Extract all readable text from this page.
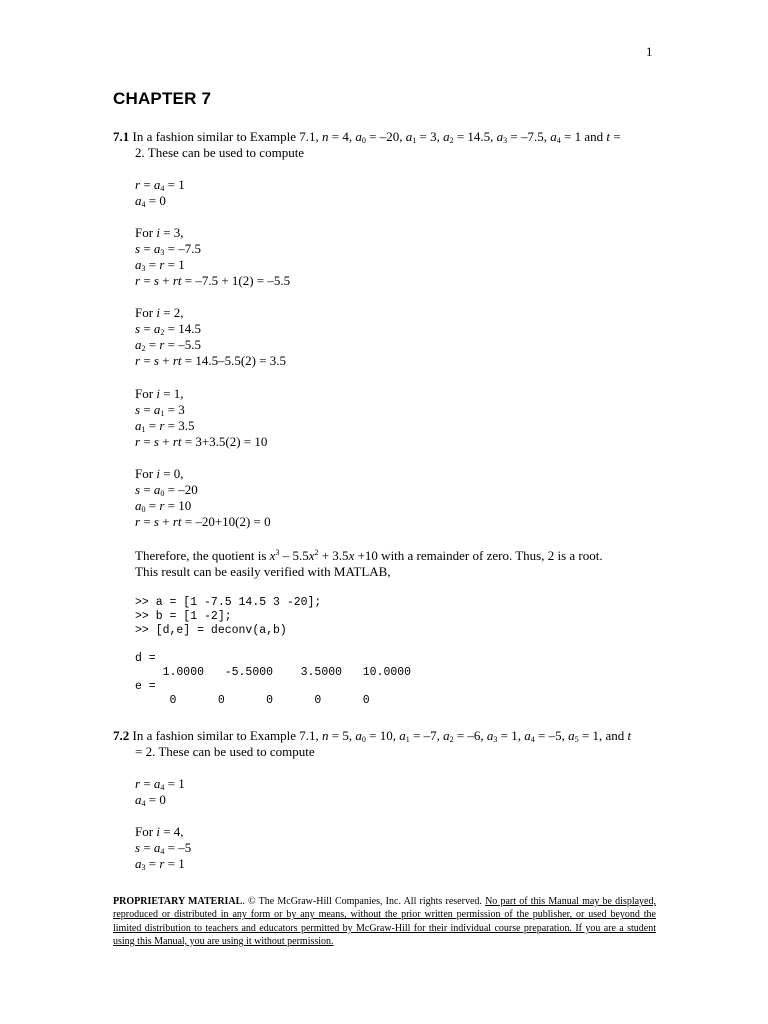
1
CHAPTER 7
7.1 In a fashion similar to Example 7.1, n = 4, $a_0 = -20$, $a_1 = 3$, $a_2 = 14.5$, $a_3 = -7.5$, $a_4 = 1$ and t =
2. These can be used to compute
$r = a_4 = 1$
$a_4 = 0$
For i = 3,
$s = a_3 = -7.5$
$a_3 = r = 1$
r = s + rt = –7.5 + 1(2) = –5.5
For i = 2,
$s = a_2 = 14.5$
$a_2 = r = -5.5$
r = s + rt = 14.5–5.5(2) = 3.5
For i = 1,
$s = a_1 = 3$
$a_1 = r = 3.5$
r = s + rt = 3+3.5(2) = 10
For i = 0,
$s = a_0 = -20$
$a_0 = r = 10$
r = s + rt = –20+10(2) = 0
Therefore, the quotient is $x^3 - 5.5x^2 + 3.5x +10$ with a remainder of zero. Thus, 2 is a root.
This result can be easily verified with MATLAB,
>> a = [1 -7.5 14.5 3 -20];
>> b = [1 -2];
>> [d,e] = deconv(a,b)
d =
1.0000   -5.5000    3.5000   10.0000
e =
0      0      0      0      0
7.2 In a fashion similar to Example 7.1, n = 5, $a_0 = 10$, $a_1 = -7$, $a_2 = -6$, $a_3 = 1$, $a_4 = -5$, $a_5 = 1$, and t
= 2. These can be used to compute
$r = a_4 = 1$
$a_4 = 0$
For i = 4,
$s = a_4 = -5$
$a_3 = r = 1$
PROPRIETARY MATERIAL. © The McGraw-Hill Companies, Inc. All rights reserved. No part of this Manual may be displayed, reproduced or distributed in any form or by any means, without the prior written permission of the publisher, or used beyond the limited distribution to teachers and educators permitted by McGraw-Hill for their individual course preparation. If you are a student using this Manual, you are using it without permission.
